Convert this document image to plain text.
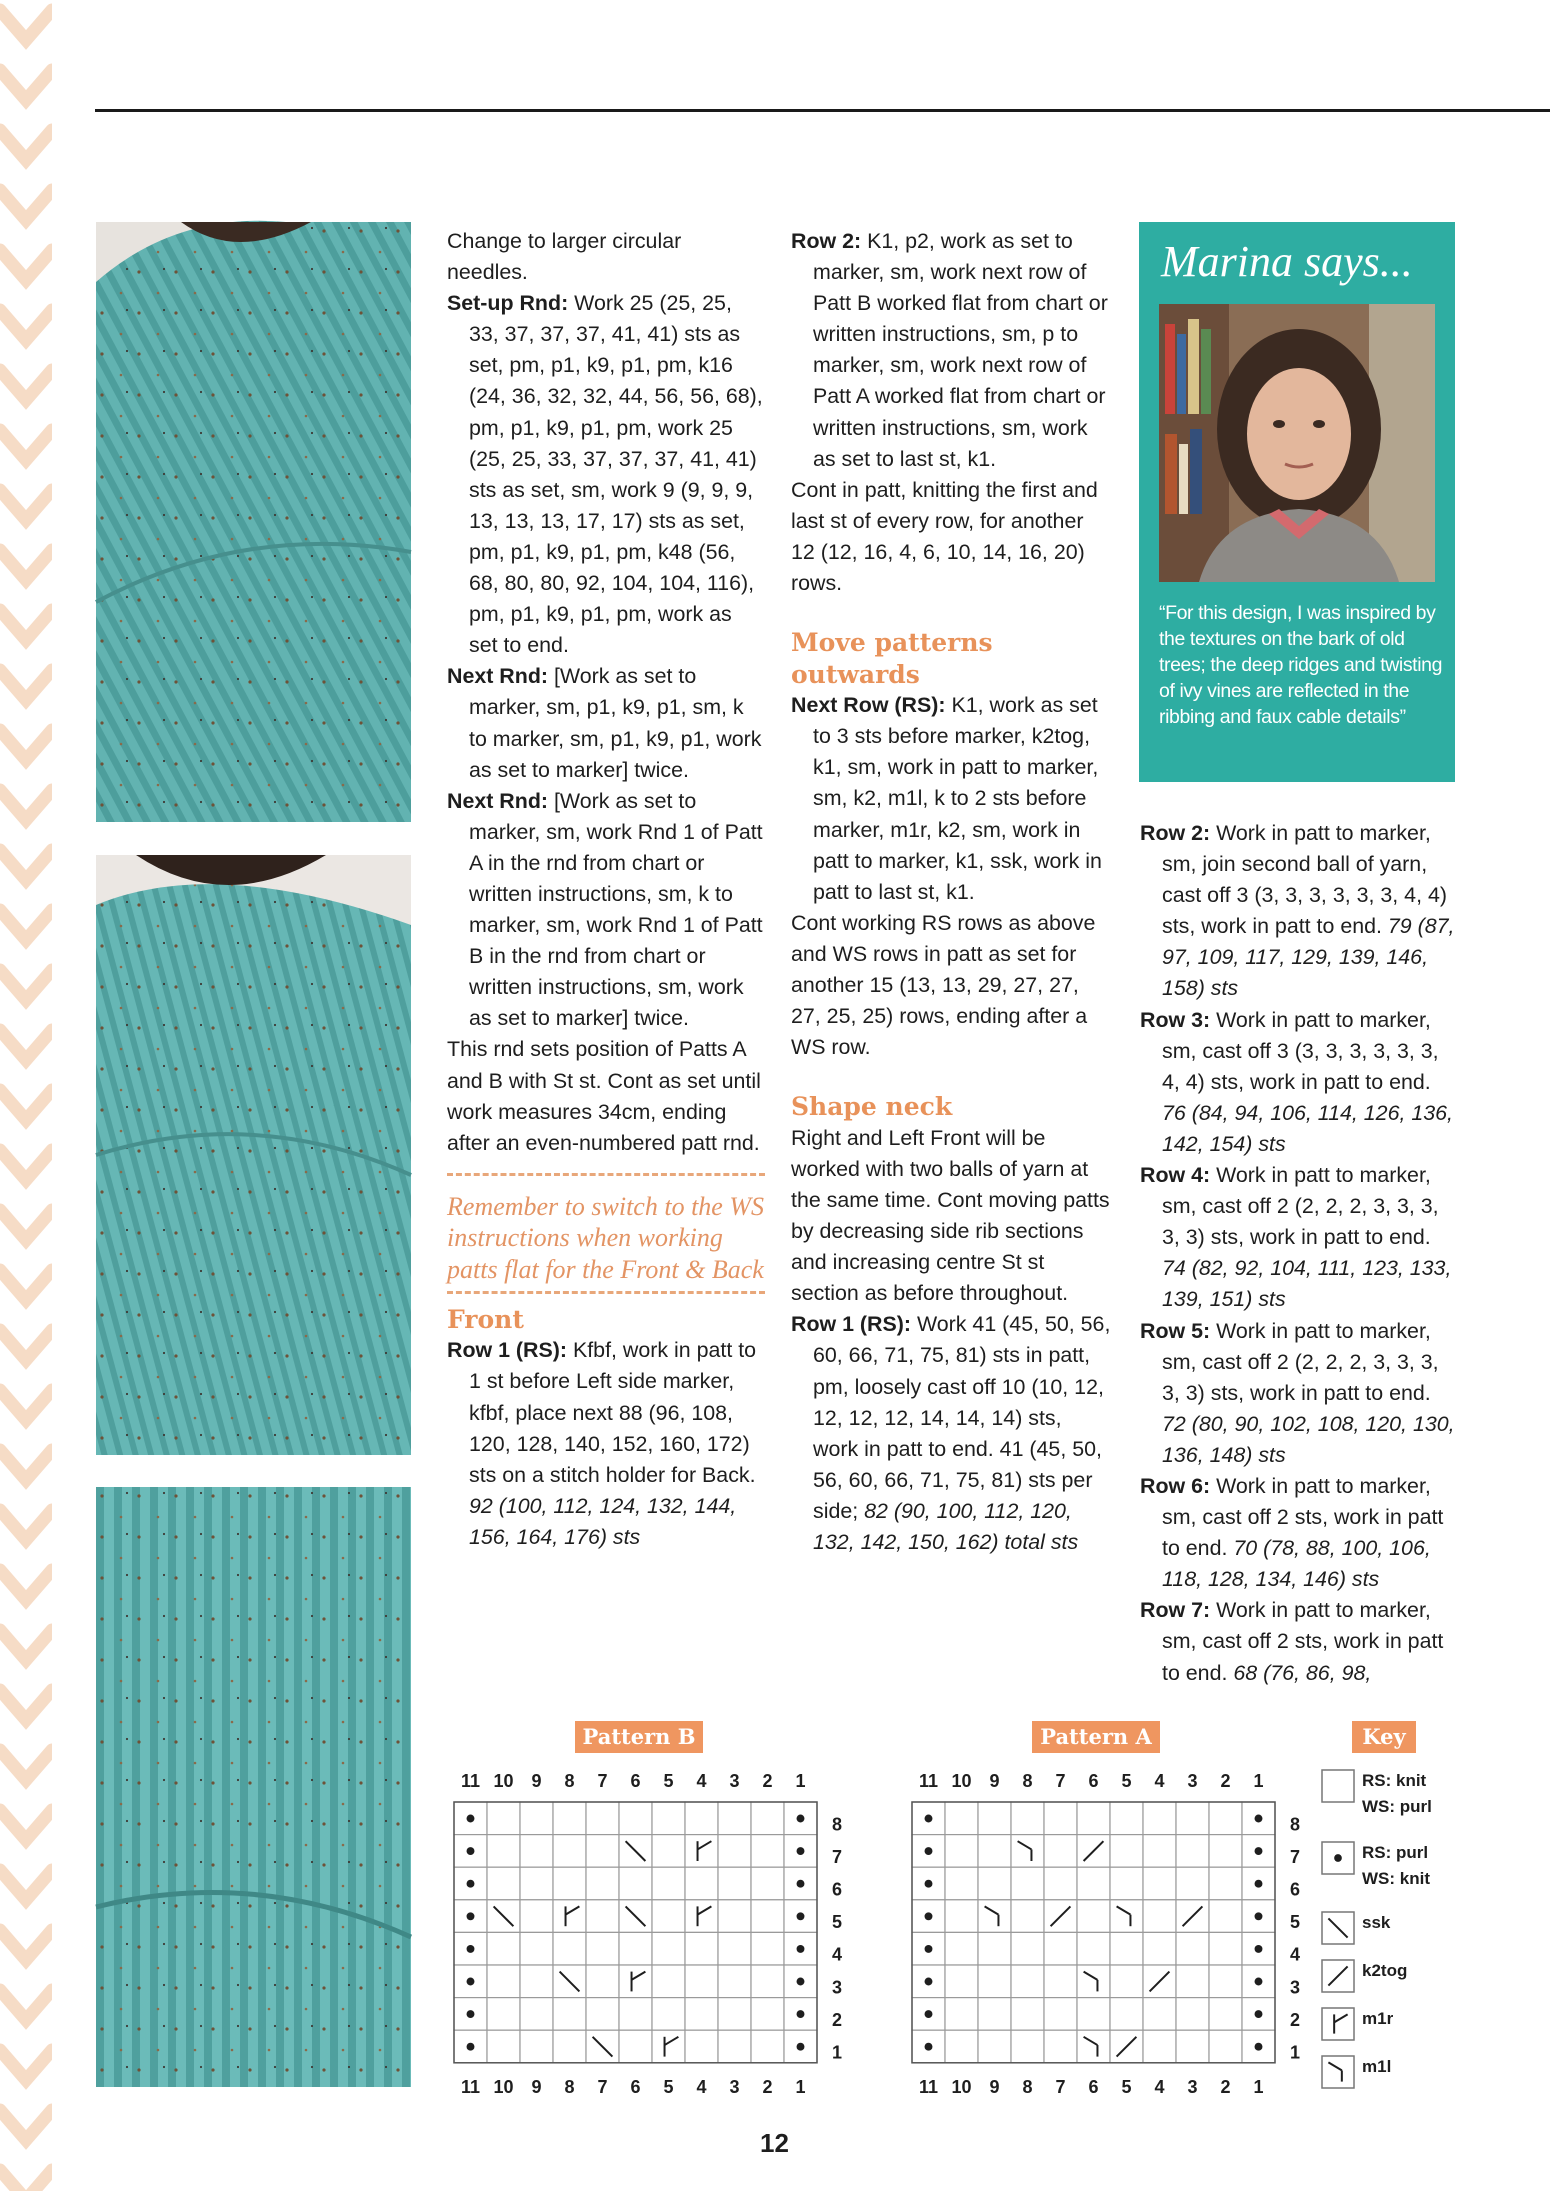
Change to larger circular needles.

Set-up Rnd: Work 25 (25, 25, 33, 37, 37, 37, 41, 41) sts as set, pm, p1, k9, p1, pm, k16 (24, 36, 32, 32, 44, 56, 56, 68), pm, p1, k9, p1, pm, work 25 (25, 25, 33, 37, 37, 37, 41, 41) sts as set, sm, work 9 (9, 9, 9, 13, 13, 13, 17, 17) sts as set, pm, p1, k9, p1, pm, k48 (56, 68, 80, 80, 92, 104, 104, 116), pm, p1, k9, p1, pm, work as set to end.

Next Rnd: [Work as set to marker, sm, p1, k9, p1, sm, k to marker, sm, p1, k9, p1, work as set to marker] twice.

Next Rnd: [Work as set to marker, sm, work Rnd 1 of Patt A in the rnd from chart or written instructions, sm, k to marker, sm, work Rnd 1 of Patt B in the rnd from chart or written instructions, sm, work as set to marker] twice.

This rnd sets position of Patts A and B with St st. Cont as set until work measures 34cm, ending after an even-numbered patt rnd.

Remember to switch to the WS instructions when working patts flat for the Front & Back

Front

Row 1 (RS): Kfbf, work in patt to 1 st before Left side marker, kfbf, place next 88 (96, 108, 120, 128, 140, 152, 160, 172) sts on a stitch holder for Back. 92 (100, 112, 124, 132, 144, 156, 164, 176) sts

Row 2: K1, p2, work as set to marker, sm, work next row of Patt B worked flat from chart or written instructions, sm, p to marker, sm, work next row of Patt A worked flat from chart or written instructions, sm, work as set to last st, k1.

Cont in patt, knitting the first and last st of every row, for another 12 (12, 16, 4, 6, 10, 14, 16, 20) rows.

Move patterns outwards

Next Row (RS): K1, work as set to 3 sts before marker, k2tog, k1, sm, work in patt to marker, sm, k2, m1l, k to 2 sts before marker, m1r, k2, sm, work in patt to marker, k1, ssk, work in patt to last st, k1.

Cont working RS rows as above and WS rows in patt as set for another 15 (13, 13, 29, 27, 27, 27, 25, 25) rows, ending after a WS row.

Shape neck

Right and Left Front will be worked with two balls of yarn at the same time. Cont moving patts by decreasing side rib sections and increasing centre St st section as before throughout.

Row 1 (RS): Work 41 (45, 50, 56, 60, 66, 71, 75, 81) sts in patt, pm, loosely cast off 10 (10, 12, 12, 12, 12, 14, 14, 14) sts, work in patt to end. 41 (45, 50, 56, 60, 66, 71, 75, 81) sts per side; 82 (90, 100, 112, 120, 132, 142, 150, 162) total sts

Marina says...
“For this design, I was inspired by the textures on the bark of old trees; the deep ridges and twisting of ivy vines are reflected in the ribbing and faux cable details”

Row 2: Work in patt to marker, sm, join second ball of yarn, cast off 3 (3, 3, 3, 3, 3, 3, 4, 4) sts, work in patt to end. 79 (87, 97, 109, 117, 129, 139, 146, 158) sts

Row 3: Work in patt to marker, sm, cast off 3 (3, 3, 3, 3, 3, 3, 4, 4) sts, work in patt to end. 76 (84, 94, 106, 114, 126, 136, 142, 154) sts

Row 4: Work in patt to marker, sm, cast off 2 (2, 2, 2, 3, 3, 3, 3, 3) sts, work in patt to end. 74 (82, 92, 104, 111, 123, 133, 139, 151) sts

Row 5: Work in patt to marker, sm, cast off 2 (2, 2, 2, 3, 3, 3, 3, 3) sts, work in patt to end. 72 (80, 90, 102, 108, 120, 130, 136, 148) sts

Row 6: Work in patt to marker, sm, cast off 2 sts, work in patt to end. 70 (78, 88, 100, 106, 118, 128, 134, 146) sts

Row 7: Work in patt to marker, sm, cast off 2 sts, work in patt to end. 68 (76, 86, 98,

Pattern B	Pattern A	Key
11
11
10
10
9
9
8
8
7
7
6
6
5
5
4
4
3
3
2
2
1
1
8
7
6
5
4
3
2
1
11
11
10
10
9
9
8
8
7
7
6
6
5
5
4
4
3
3
2
2
1
1
8
7
6
5
4
3
2
1
RS: knit
WS: purl
RS: purl
WS: knit
ssk
k2tog
m1r
m1l
12
